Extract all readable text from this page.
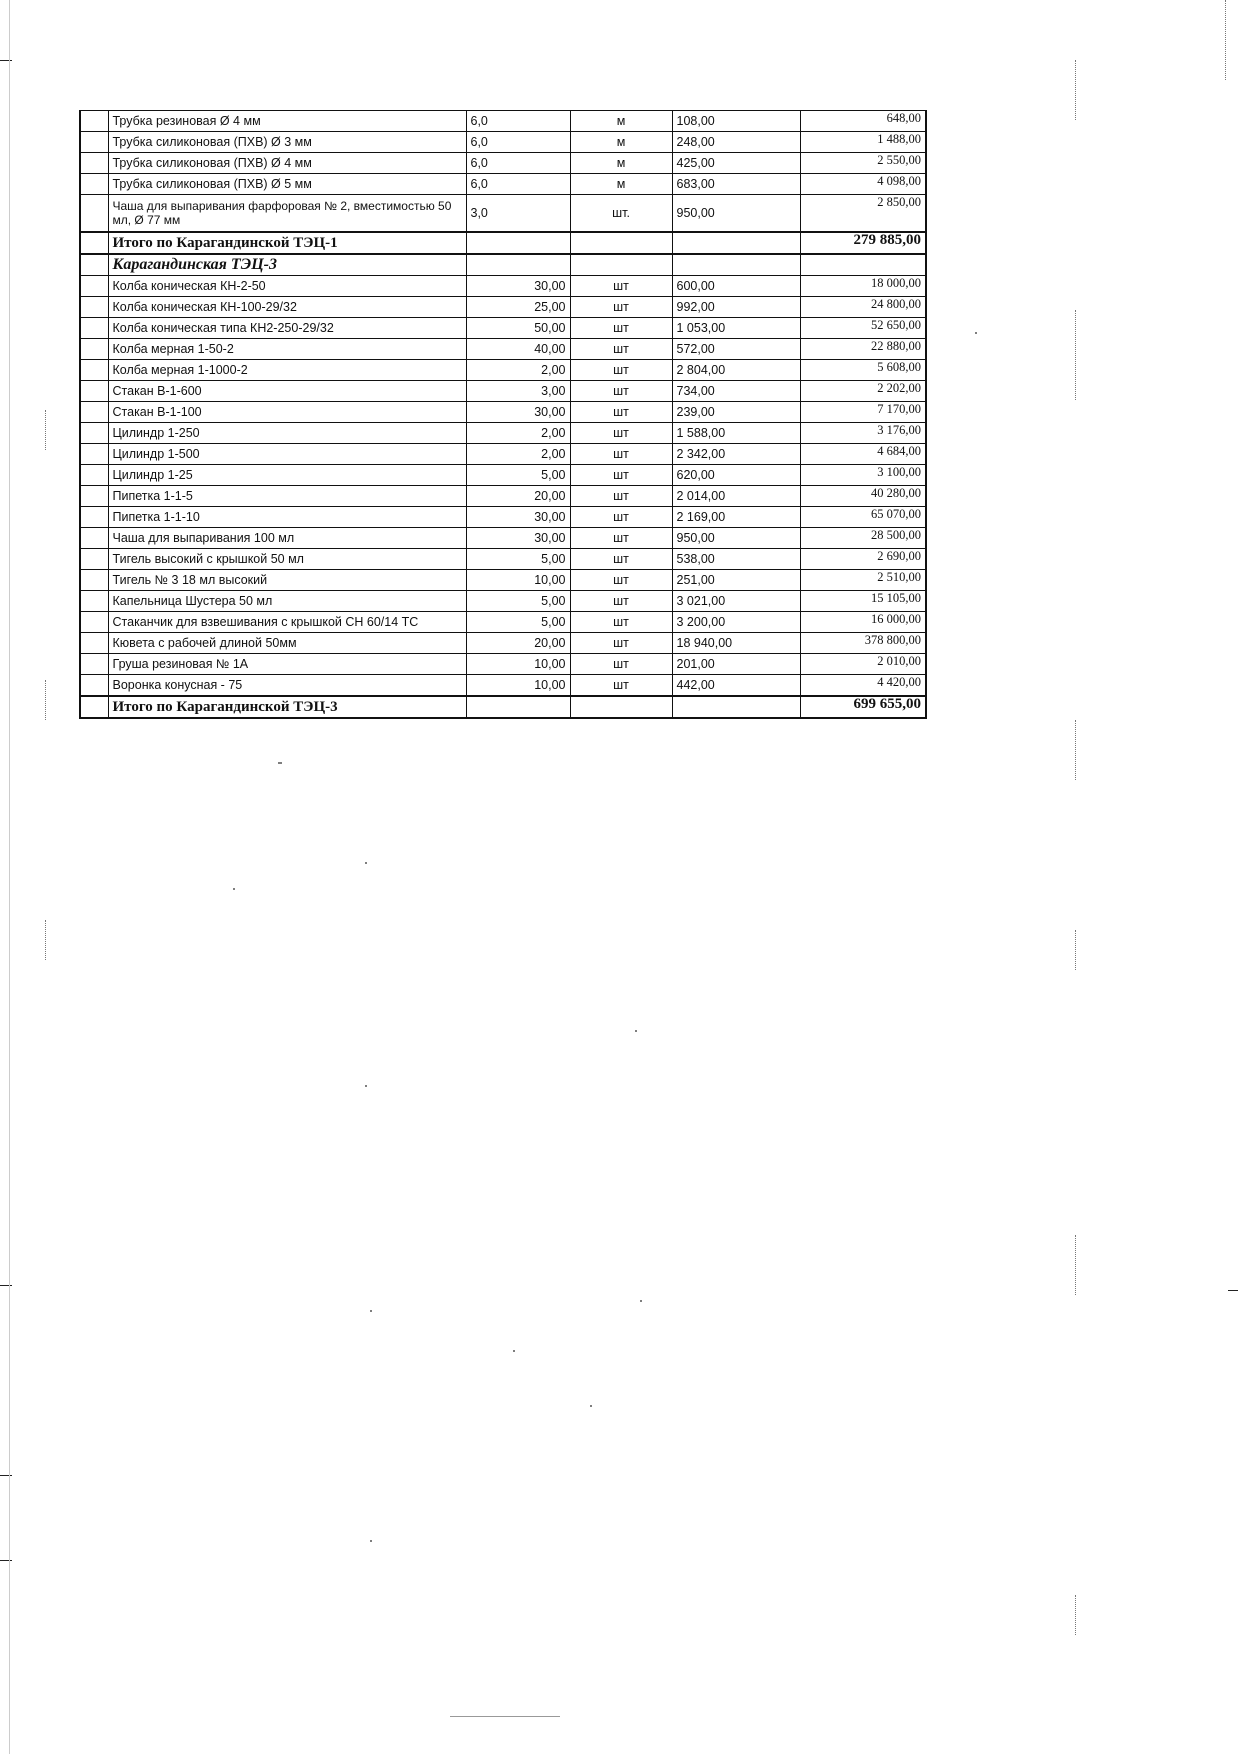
	Трубка резиновая Ø 4 мм	6,0	м	108,00	648,00
	Трубка силиконовая (ПХВ) Ø 3 мм	6,0	м	248,00	1 488,00
	Трубка силиконовая (ПХВ) Ø 4 мм	6,0	м	425,00	2 550,00
	Трубка силиконовая (ПХВ) Ø 5 мм	6,0	м	683,00	4 098,00
	Чаша для выпаривания фарфоровая № 2, вместимостью 50 мл, Ø 77 мм	3,0	шт.	950,00	2 850,00
	Итого по Карагандинской ТЭЦ-1				279 885,00
	Карагандинская ТЭЦ-3				
	Колба коническая КН-2-50	30,00	шт	600,00	18 000,00
	Колба коническая КН-100-29/32	25,00	шт	992,00	24 800,00
	Колба коническая типа КН2-250-29/32	50,00	шт	1 053,00	52 650,00
	Колба мерная 1-50-2	40,00	шт	572,00	22 880,00
	Колба мерная 1-1000-2	2,00	шт	2 804,00	5 608,00
	Стакан В-1-600	3,00	шт	734,00	2 202,00
	Стакан В-1-100	30,00	шт	239,00	7 170,00
	Цилиндр 1-250	2,00	шт	1 588,00	3 176,00
	Цилиндр 1-500	2,00	шт	2 342,00	4 684,00
	Цилиндр 1-25	5,00	шт	620,00	3 100,00
	Пипетка 1-1-5	20,00	шт	2 014,00	40 280,00
	Пипетка 1-1-10	30,00	шт	2 169,00	65 070,00
	Чаша для выпаривания 100 мл	30,00	шт	950,00	28 500,00
	Тигель высокий с крышкой 50 мл	5,00	шт	538,00	2 690,00
	Тигель № 3 18 мл высокий	10,00	шт	251,00	2 510,00
	Капельница Шустера 50 мл	5,00	шт	3 021,00	15 105,00
	Стаканчик для взвешивания с крышкой СН 60/14 ТС	5,00	шт	3 200,00	16 000,00
	Кювета с рабочей длиной 50мм	20,00	шт	18 940,00	378 800,00
	Груша резиновая № 1А	10,00	шт	201,00	2 010,00
	Воронка конусная - 75	10,00	шт	442,00	4 420,00
	Итого по Карагандинской ТЭЦ-3				699 655,00
